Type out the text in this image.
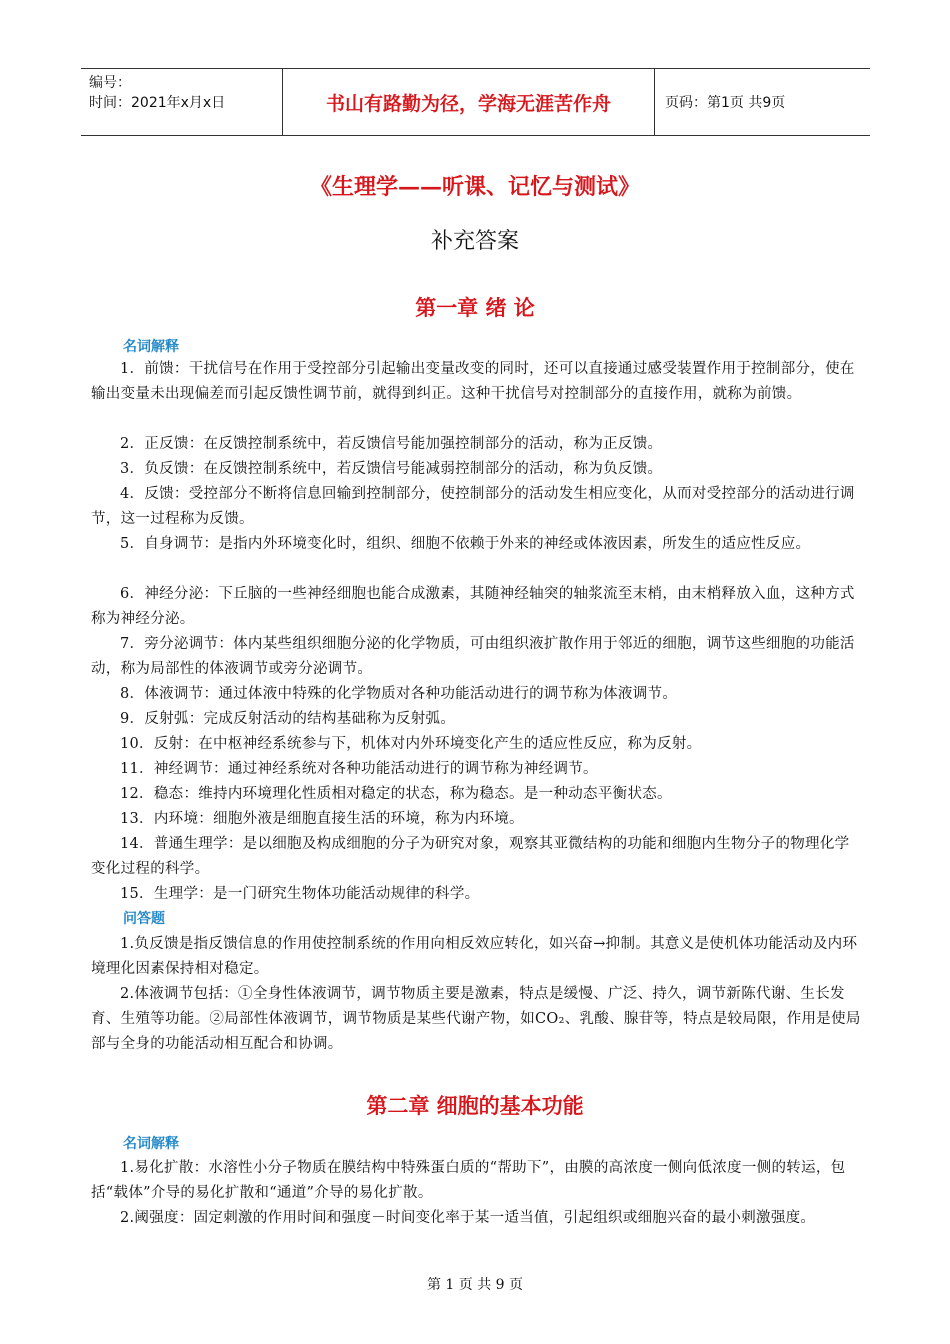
编号：
时间：2021年x月x日	书山有路勤为径，学海无涯苦作舟	页码：第1页 共9页
《生理学——听课、记忆与测试》
补充答案
第一章 绪 论
名词解释

1．前馈：干扰信号在作用于受控部分引起输出变量改变的同时，还可以直接通过感受装置作用于控制部分，使在输出变量未出现偏差而引起反馈性调节前，就得到纠正。这种干扰信号对控制部分的直接作用，就称为前馈。

2．正反馈：在反馈控制系统中，若反馈信号能加强控制部分的活动，称为正反馈。

3．负反馈：在反馈控制系统中，若反馈信号能减弱控制部分的活动，称为负反馈。

4．反馈：受控部分不断将信息回输到控制部分，使控制部分的活动发生相应变化，从而对受控部分的活动进行调节，这一过程称为反馈。

5．自身调节：是指内外环境变化时，组织、细胞不依赖于外来的神经或体液因素，所发生的适应性反应。

6．神经分泌：下丘脑的一些神经细胞也能合成激素，其随神经轴突的轴浆流至末梢，由末梢释放入血，这种方式称为神经分泌。

7．旁分泌调节：体内某些组织细胞分泌的化学物质，可由组织液扩散作用于邻近的细胞，调节这些细胞的功能活动，称为局部性的体液调节或旁分泌调节。

8．体液调节：通过体液中特殊的化学物质对各种功能活动进行的调节称为体液调节。

9．反射弧：完成反射活动的结构基础称为反射弧。

10．反射：在中枢神经系统参与下，机体对内外环境变化产生的适应性反应，称为反射。

11．神经调节：通过神经系统对各种功能活动进行的调节称为神经调节。

12．稳态：维持内环境理化性质相对稳定的状态，称为稳态。是一种动态平衡状态。

13．内环境：细胞外液是细胞直接生活的环境，称为内环境。

14．普通生理学：是以细胞及构成细胞的分子为研究对象，观察其亚微结构的功能和细胞内生物分子的物理化学变化过程的科学。

15．生理学：是一门研究生物体功能活动规律的科学。

问答题

1.负反馈是指反馈信息的作用使控制系统的作用向相反效应转化，如兴奋→抑制。其意义是使机体功能活动及内环境理化因素保持相对稳定。

2.体液调节包括：①全身性体液调节，调节物质主要是激素，特点是缓慢、广泛、持久，调节新陈代谢、生长发育、生殖等功能。②局部性体液调节，调节物质是某些代谢产物，如CO₂、乳酸、腺苷等，特点是较局限，作用是使局部与全身的功能活动相互配合和协调。

第二章 细胞的基本功能
名词解释

1.易化扩散：水溶性小分子物质在膜结构中特殊蛋白质的“帮助下”，由膜的高浓度一侧向低浓度一侧的转运，包括“载体”介导的易化扩散和“通道”介导的易化扩散。

2.阈强度：固定刺激的作用时间和强度－时间变化率于某一适当值，引起组织或细胞兴奋的最小刺激强度。

第 1 页 共 9 页
